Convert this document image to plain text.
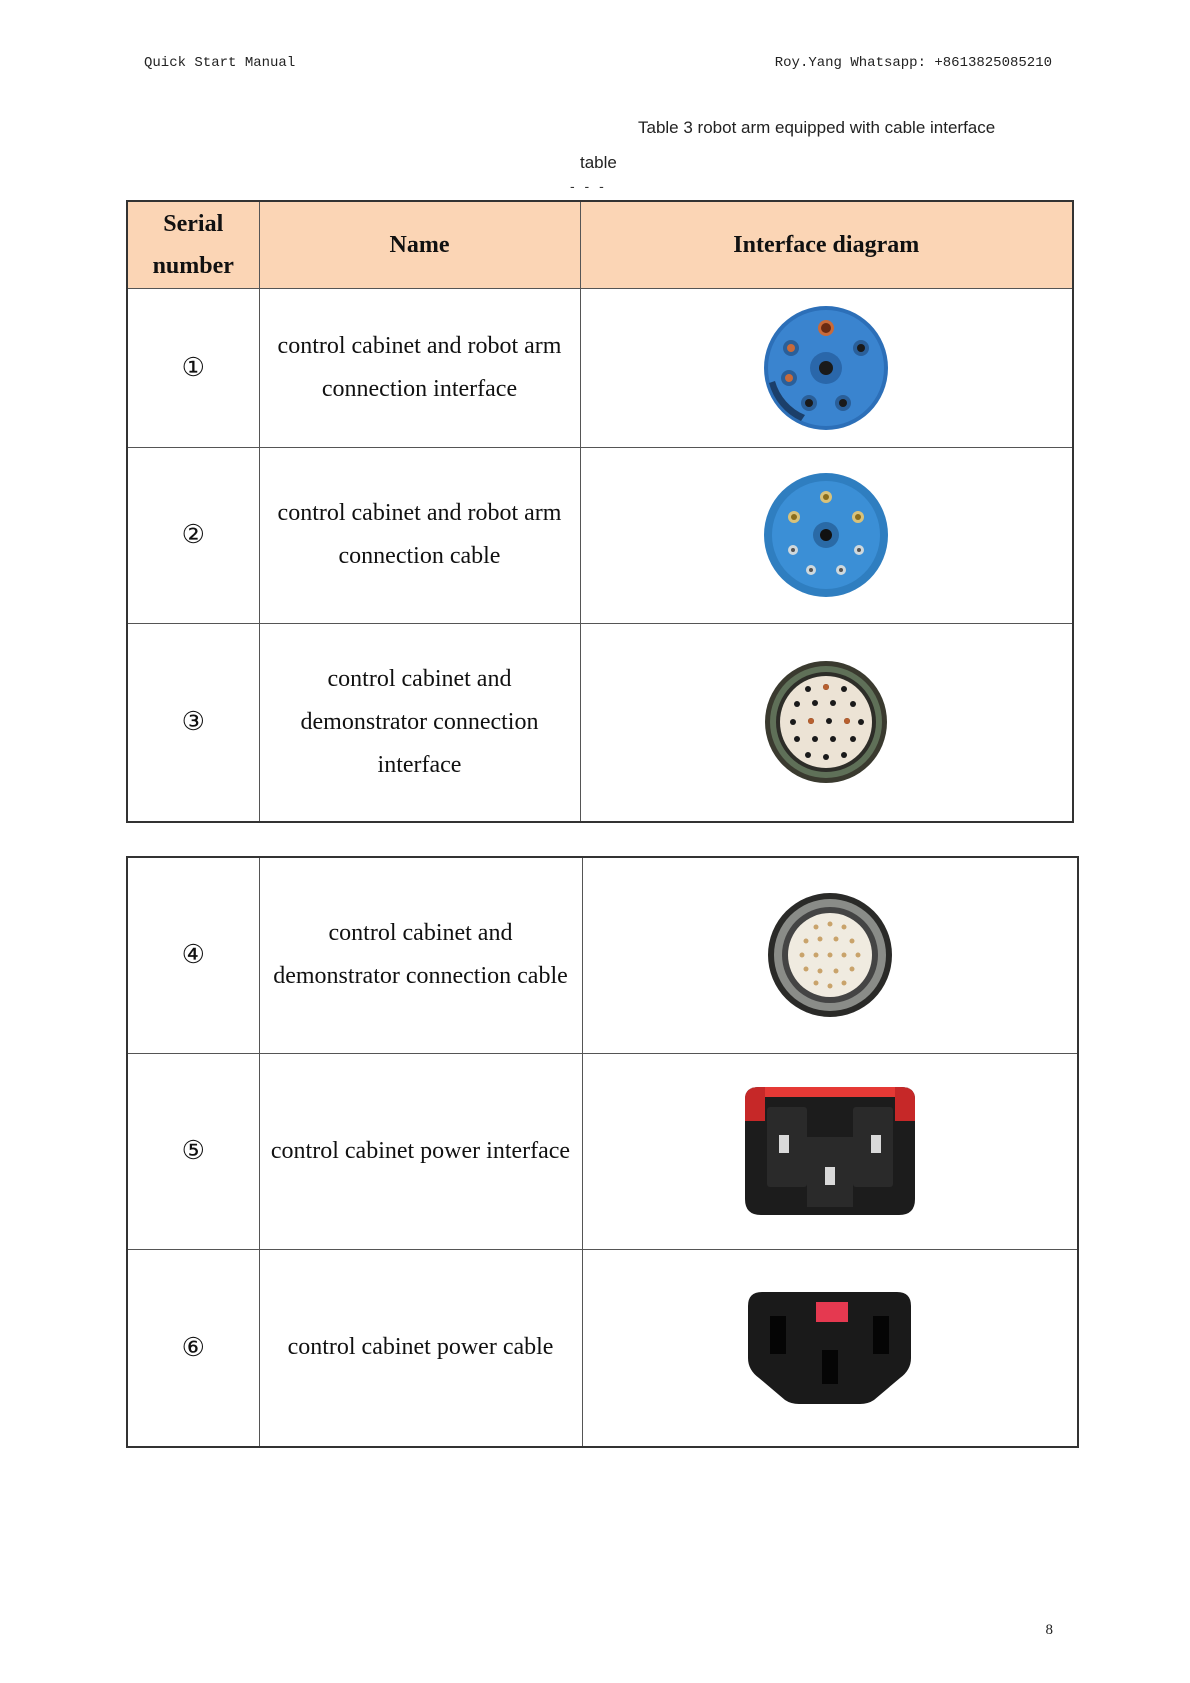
Quick Start Manual	Roy.Yang Whatsapp: +8613825085210
Table 3 robot arm equipped with cable interface
table
- - -
Serial
number	Name	Interface diagram
①	control cabinet and robot arm connection interface	

②	control cabinet and robot arm connection cable	

③	control cabinet and demonstrator connection interface	
④	control cabinet and demonstrator connection cable	

⑤	control cabinet power interface	

⑥	control cabinet power cable	
8
